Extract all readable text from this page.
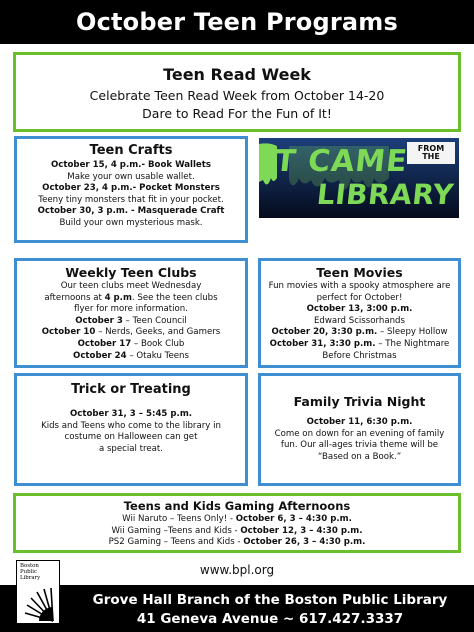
October Teen Programs
Teen Read Week
Celebrate Teen Read Week from October 14-20
Dare to Read For the Fun of It!
Teen Crafts
October 15, 4 p.m.- Book Wallets
Make your own usable wallet.
October 23, 4 p.m.- Pocket Monsters
Teeny tiny monsters that fit in your pocket.
October 30, 3 p.m. - Masquerade Craft
Build your own mysterious mask.
IT CAME	FROM THE
LIBRARY
Weekly Teen Clubs
Our teen clubs meet Wednesday
afternoons at 4 p.m. See the teen clubs
flyer for more information.
October 3 – Teen Council
October 10 – Nerds, Geeks, and Gamers
October 17 – Book Club
October 24 – Otaku Teens
Teen Movies
Fun movies with a spooky atmosphere are
perfect for October!
October 13, 3:00 p.m.
Edward Scissorhands
October 20, 3:30 p.m. – Sleepy Hollow
October 31, 3:30 p.m. – The Nightmare
Before Christmas
Trick or Treating
October 31, 3 – 5:45 p.m.
Kids and Teens who come to the library in
costume on Halloween can get
a special treat.
Family Trivia Night
October 11, 6:30 p.m.
Come on down for an evening of family
fun. Our all-ages trivia theme will be
“Based on a Book.”
Teens and Kids Gaming Afternoons
Wii Naruto – Teens Only! - October 6, 3 – 4:30 p.m.
Wii Gaming –Teens and Kids - October 12, 3 – 4:30 p.m.
PS2 Gaming – Teens and Kids - October 26, 3 – 4:30 p.m.
www.bpl.org
Grove Hall Branch of the Boston Public Library
41 Geneva Avenue ~ 617.427.3337
Boston
Public
Library
